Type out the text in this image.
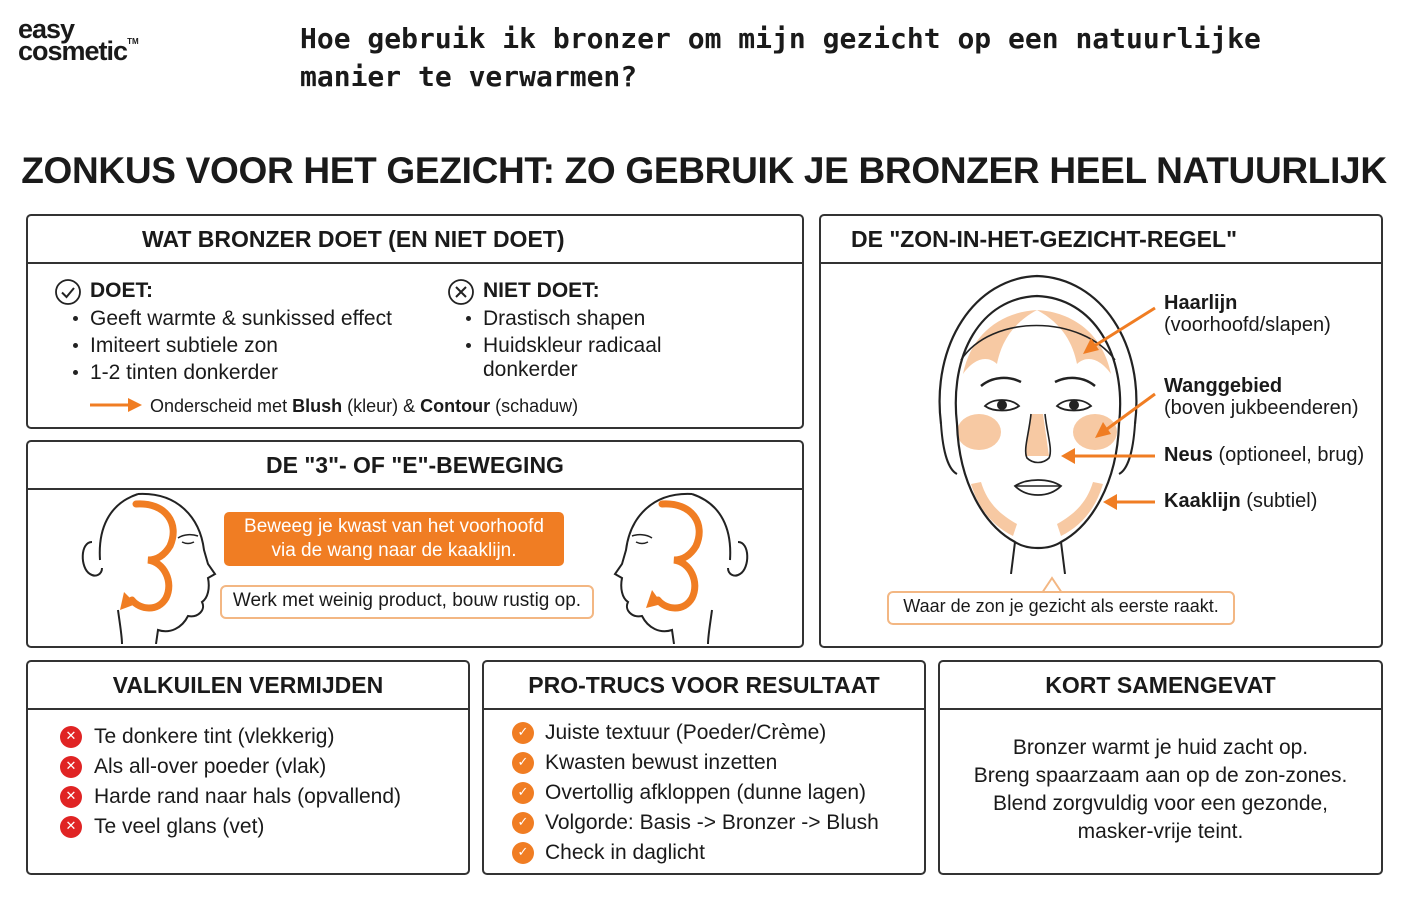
easy
cosmetic™	Hoe gebruik ik bronzer om mijn gezicht op een natuurlijke
manier te verwarmen?
ZONKUS VOOR HET GEZICHT: ZO GEBRUIK JE BRONZER HEEL NATUURLIJK
WAT BRONZER DOET (EN NIET DOET)
DOET:
Geeft warmte & sunkissed effect
Imiteert subtiele zon
1-2 tinten donkerder
NIET DOET:
Drastisch shapen
Huidskleur radicaal
donkerder
Onderscheid met Blush (kleur) & Contour (schaduw)
DE "3"- OF "E"-BEWEGING
Beweeg je kwast van het voorhoofd
via de wang naar de kaaklijn.
Werk met weinig product, bouw rustig op.
DE "ZON-IN-HET-GEZICHT-REGEL"
Haarlijn
(voorhoofd/slapen)
Wanggebied
(boven jukbeenderen)
Neus (optioneel, brug)
Kaaklijn (subtiel)
Waar de zon je gezicht als eerste raakt.
VALKUILEN VERMIJDEN
✕ Te donkere tint (vlekkerig)
✕ Als all-over poeder (vlak)
✕ Harde rand naar hals (opvallend)
✕ Te veel glans (vet)
PRO-TRUCS VOOR RESULTAAT
✓ Juiste textuur (Poeder/Crème)
✓ Kwasten bewust inzetten
✓ Overtollig afkloppen (dunne lagen)
✓ Volgorde: Basis -> Bronzer -> Blush
✓ Check in daglicht
KORT SAMENGEVAT
Bronzer warmt je huid zacht op.
Breng spaarzaam aan op de zon-zones.
Blend zorgvuldig voor een gezonde,
masker-vrije teint.
